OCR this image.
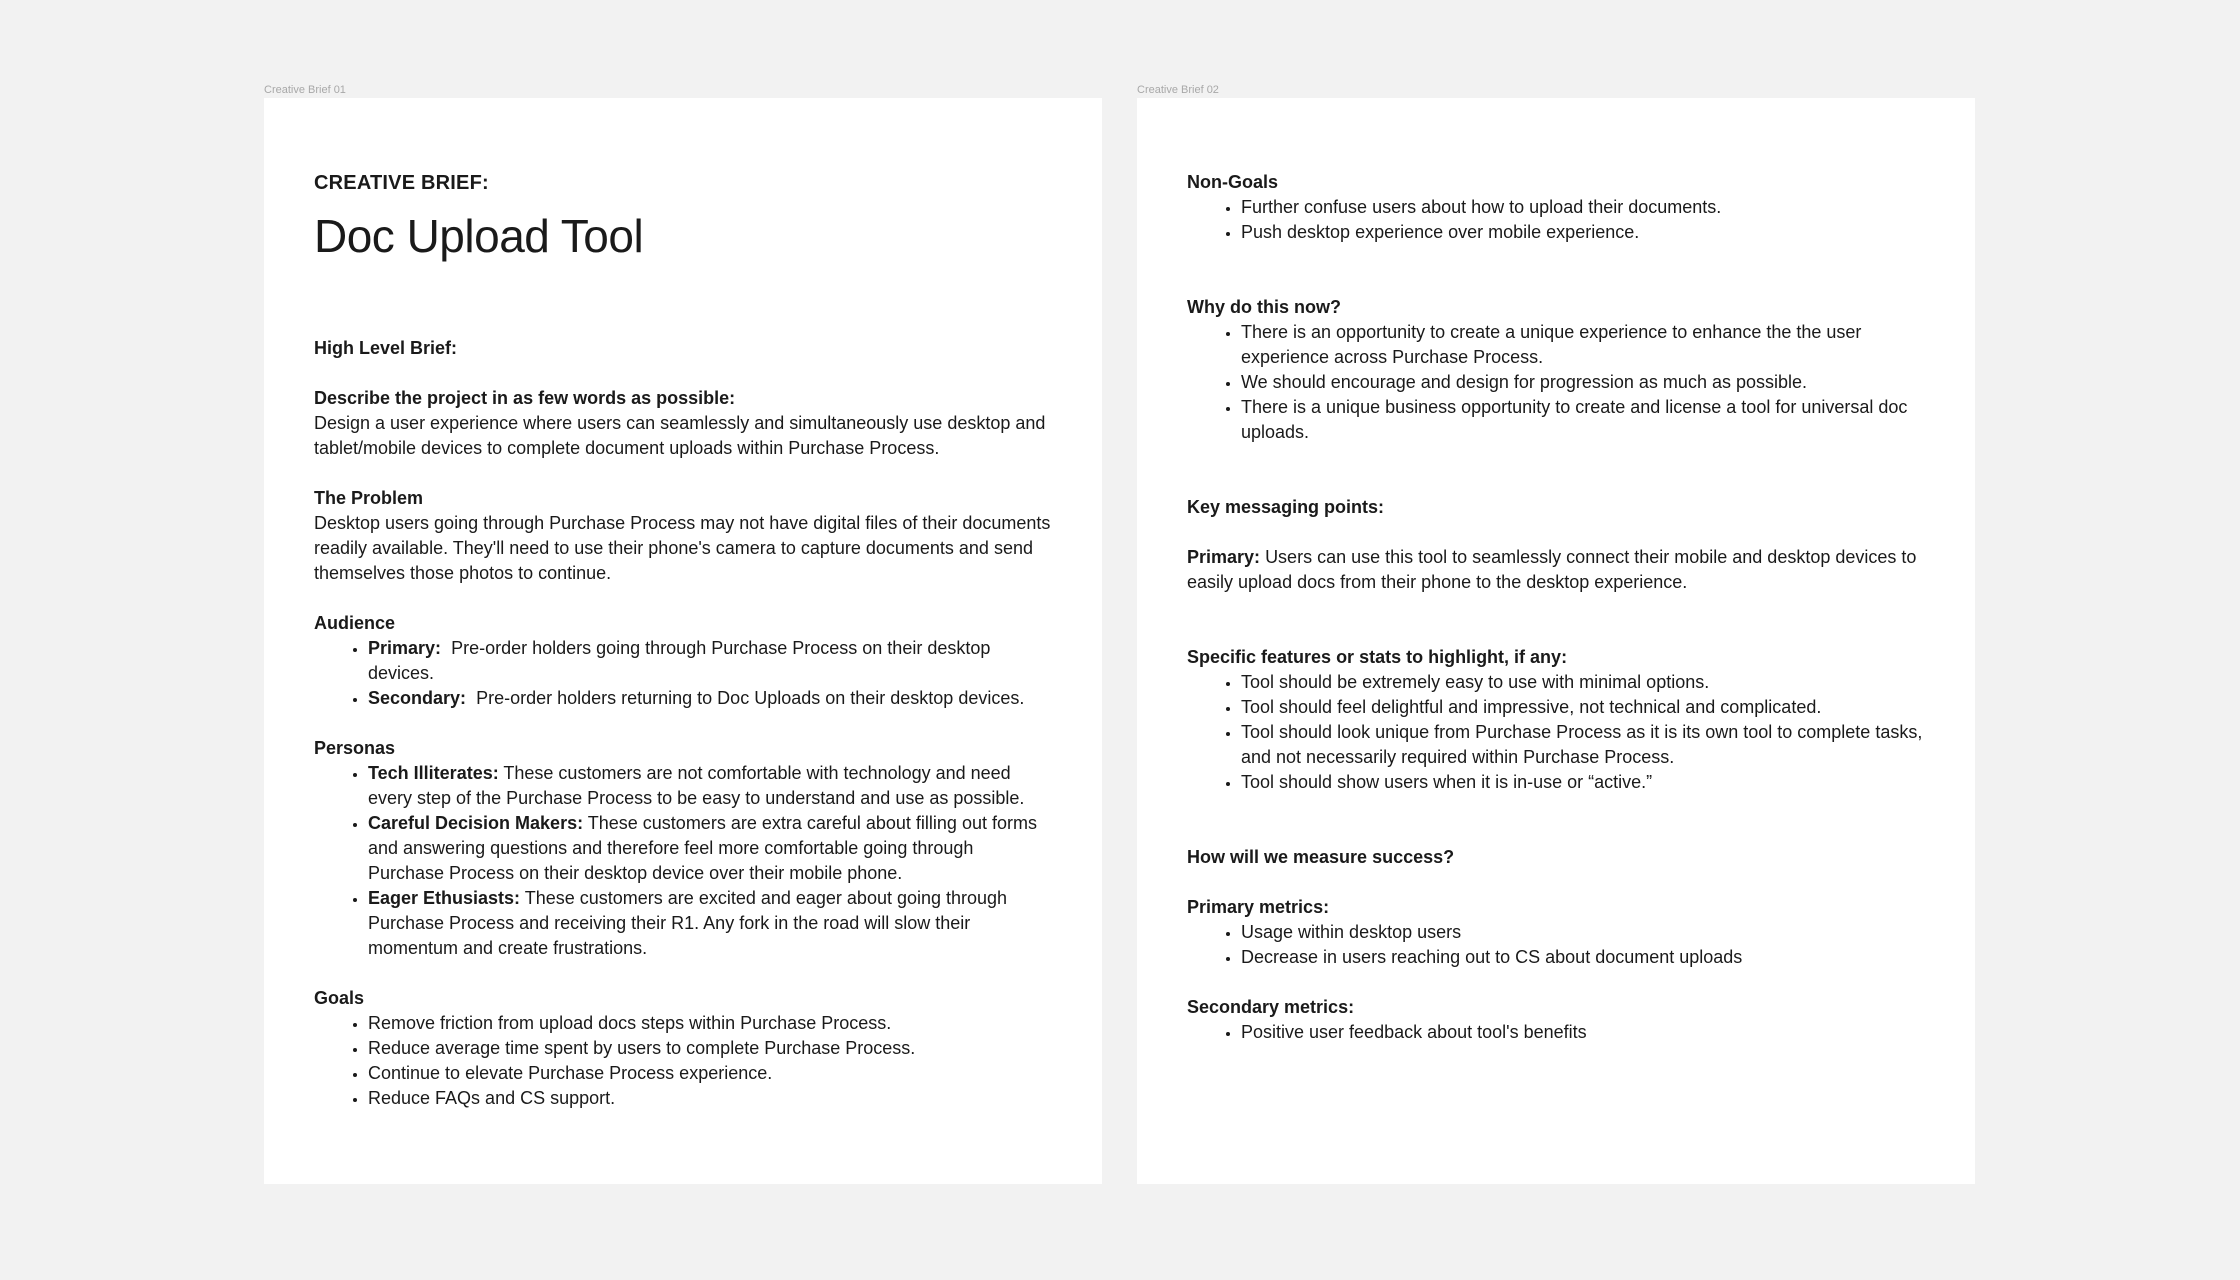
Creative Brief 01	Creative Brief 02
CREATIVE BRIEF:
Doc Upload Tool

High Level Brief:

Describe the project in as few words as possible:

Design a user experience where users can seamlessly and simultaneously use desktop and tablet/mobile devices to complete document uploads within Purchase Process.

The Problem

Desktop users going through Purchase Process may not have digital files of their documents readily available. They'll need to use their phone's camera to capture documents and send themselves those photos to continue.

Audience

• Primary: Pre-order holders going through Purchase Process on their desktop devices.
• Secondary: Pre-order holders returning to Doc Uploads on their desktop devices.

Personas

• Tech Illiterates: These customers are not comfortable with technology and need every step of the Purchase Process to be easy to understand and use as possible.
• Careful Decision Makers: These customers are extra careful about filling out forms and answering questions and therefore feel more comfortable going through Purchase Process on their desktop device over their mobile phone.
• Eager Ethusiasts: These customers are excited and eager about going through Purchase Process and receiving their R1. Any fork in the road will slow their momentum and create frustrations.

Goals

• Remove friction from upload docs steps within Purchase Process.
• Reduce average time spent by users to complete Purchase Process.
• Continue to elevate Purchase Process experience.
• Reduce FAQs and CS support.

Non-Goals

• Further confuse users about how to upload their documents.
• Push desktop experience over mobile experience.

Why do this now?

• There is an opportunity to create a unique experience to enhance the the user experience across Purchase Process.
• We should encourage and design for progression as much as possible.
• There is a unique business opportunity to create and license a tool for universal doc uploads.

Key messaging points:

Primary: Users can use this tool to seamlessly connect their mobile and desktop devices to easily upload docs from their phone to the desktop experience.

Specific features or stats to highlight, if any:

• Tool should be extremely easy to use with minimal options.
• Tool should feel delightful and impressive, not technical and complicated.
• Tool should look unique from Purchase Process as it is its own tool to complete tasks, and not necessarily required within Purchase Process.
• Tool should show users when it is in-use or “active.”

How will we measure success?

Primary metrics:

• Usage within desktop users
• Decrease in users reaching out to CS about document uploads

Secondary metrics:

• Positive user feedback about tool's benefits
